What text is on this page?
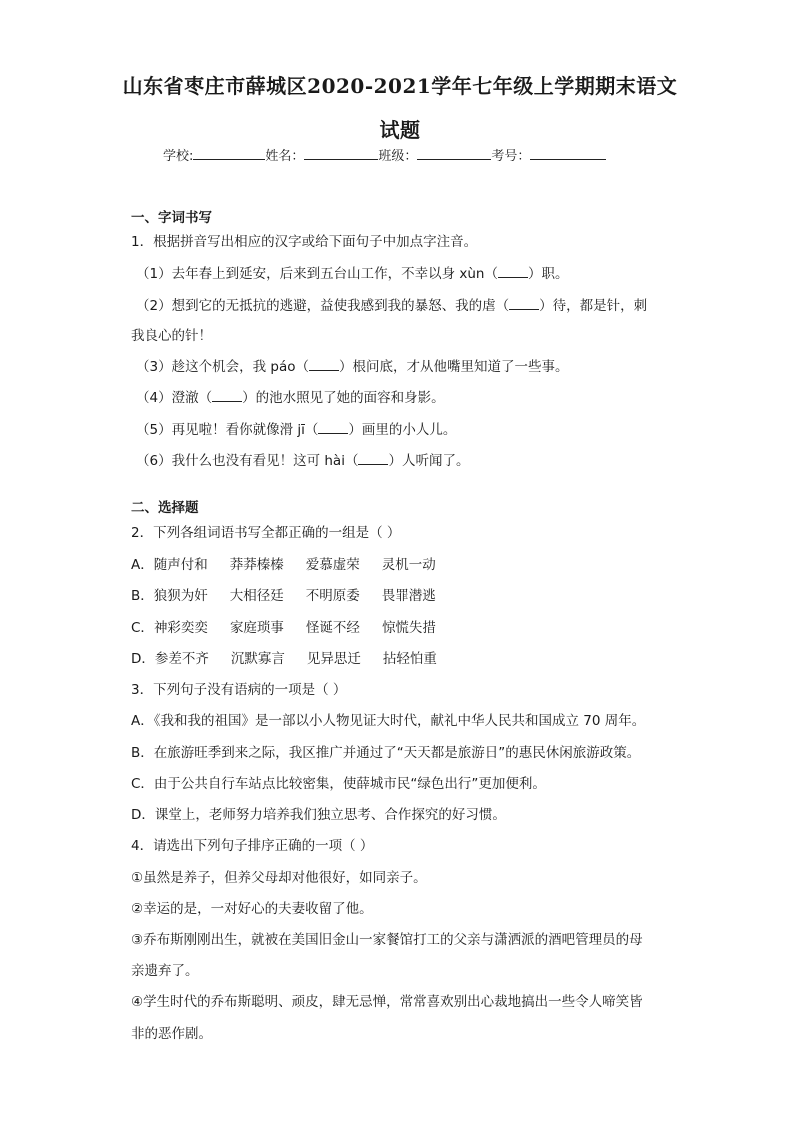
山东省枣庄市薛城区2020-2021学年七年级上学期期末语文
试题
学校:	姓名：	班级：	考号：
一、字词书写
1．根据拼音写出相应的汉字或给下面句子中加点字注音。
（1）去年春上到延安，后来到五台山工作，不幸以身 xùn（ ）职。
（2）想到它的无抵抗的逃避，益使我感到我的暴怒、我的虐（ ）待，都是针，刺
我良心的针！
（3）趁这个机会，我 páo（ ）根问底，才从他嘴里知道了一些事。
（4）澄澈（ ）的池水照见了她的面容和身影。
（5）再见啦！看你就像滑 jī（ ）画里的小人儿。
（6）我什么也没有看见！这可 hài（ ）人听闻了。
二、选择题
2．下列各组词语书写全都正确的一组是（ ）
A．随声付和 莽莽榛榛 爱慕虚荣 灵机一动
B．狼狈为奸 大相径廷 不明原委 畏罪潜逃
C．神彩奕奕 家庭琐事 怪诞不经 惊慌失措
D．参差不齐 沉默寡言 见异思迁 拈轻怕重
3．下列句子没有语病的一项是（ ）
A．《我和我的祖国》是一部以小人物见证大时代，献礼中华人民共和国成立 70 周年。
B．在旅游旺季到来之际，我区推广并通过了“天天都是旅游日”的惠民休闲旅游政策。
C．由于公共自行车站点比较密集，使薛城市民“绿色出行”更加便利。
D．课堂上，老师努力培养我们独立思考、合作探究的好习惯。
4．请选出下列句子排序正确的一项（ ）
①虽然是养子，但养父母却对他很好，如同亲子。
②幸运的是，一对好心的夫妻收留了他。
③乔布斯刚刚出生，就被在美国旧金山一家餐馆打工的父亲与潇洒派的酒吧管理员的母
亲遗弃了。
④学生时代的乔布斯聪明、顽皮，肆无忌惮，常常喜欢别出心裁地搞出一些令人啼笑皆
非的恶作剧。
